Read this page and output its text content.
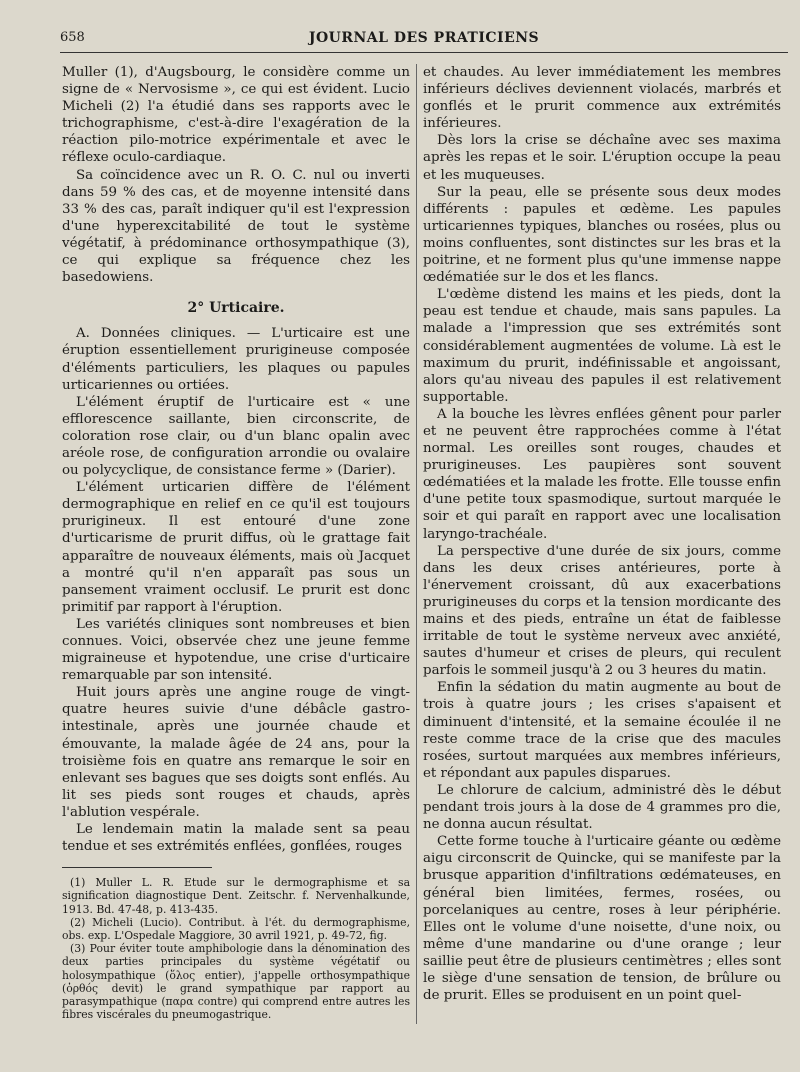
658	JOURNAL DES PRATICIENS

Muller (1), d'Augsbourg, le considère comme un signe de « Nervosisme », ce qui est évident. Lucio Micheli (2) l'a étudié dans ses rapports avec le trichographisme, c'est-à-dire l'exagération de la réaction pilo-motrice expérimentale et avec le réflexe oculo-cardiaque.

Sa coïncidence avec un R. O. C. nul ou inverti dans 59 % des cas, et de moyenne intensité dans 33 % des cas, paraît indiquer qu'il est l'expression d'une hyperexcitabilité de tout le système végétatif, à prédominance orthosympathique (3), ce qui explique sa fréquence chez les basedowiens.

2° Urticaire.

A. Données cliniques. — L'urticaire est une éruption essentiellement prurigineuse composée d'éléments particuliers, les plaques ou papules urticariennes ou ortiées.

L'élément éruptif de l'urticaire est « une efflorescence saillante, bien circonscrite, de coloration rose clair, ou d'un blanc opalin avec aréole rose, de configuration arrondie ou ovalaire ou polycyclique, de consistance ferme » (Darier).

L'élément urticarien diffère de l'élément dermographique en relief en ce qu'il est toujours prurigineux. Il est entouré d'une zone d'urticarisme de prurit diffus, où le grattage fait apparaître de nouveaux éléments, mais où Jacquet a montré qu'il n'en apparaît pas sous un pansement vraiment occlusif. Le prurit est donc primitif par rapport à l'éruption.

Les variétés cliniques sont nombreuses et bien connues. Voici, observée chez une jeune femme migraineuse et hypotendue, une crise d'urticaire remarquable par son intensité.

Huit jours après une angine rouge de vingt-quatre heures suivie d'une débâcle gastro-intestinale, après une journée chaude et émouvante, la malade âgée de 24 ans, pour la troisième fois en quatre ans remarque le soir en enlevant ses bagues que ses doigts sont enflés. Au lit ses pieds sont rouges et chauds, après l'ablution vespérale.

Le lendemain matin la malade sent sa peau tendue et ses extrémités enflées, gonflées, rouges

(1) Muller L. R. Etude sur le dermographisme et sa signification diagnostique Dent. Zeitschr. f. Nervenhalkunde, 1913. Bd. 47-48, p. 413-435.

(2) Micheli (Lucio). Contribut. à l'ét. du dermographisme, obs. exp. L'Ospedale Maggiore, 30 avril 1921, p. 49-72, fig.

(3) Pour éviter toute amphibologie dans la dénomination des deux parties principales du système végétatif ou holosympathique (ὅλος entier), j'appelle orthosympathique (ὀρθός devit) le grand sympathique par rapport au parasympathique (παρα contre) qui comprend entre autres les fibres viscérales du pneumogastrique.

et chaudes. Au lever immédiatement les membres inférieurs déclives deviennent violacés, marbrés et gonflés et le prurit commence aux extrémités inférieures.

Dès lors la crise se déchaîne avec ses maxima après les repas et le soir. L'éruption occupe la peau et les muqueuses.

Sur la peau, elle se présente sous deux modes différents : papules et œdème. Les papules urticariennes typiques, blanches ou rosées, plus ou moins confluentes, sont distinctes sur les bras et la poitrine, et ne forment plus qu'une immense nappe œdématiée sur le dos et les flancs.

L'œdème distend les mains et les pieds, dont la peau est tendue et chaude, mais sans papules. La malade a l'impression que ses extrémités sont considérablement augmentées de volume. Là est le maximum du prurit, indéfinissable et angoissant, alors qu'au niveau des papules il est relativement supportable.

A la bouche les lèvres enflées gênent pour parler et ne peuvent être rapprochées comme à l'état normal. Les oreilles sont rouges, chaudes et prurigineuses. Les paupières sont souvent œdématiées et la malade les frotte. Elle tousse enfin d'une petite toux spasmodique, surtout marquée le soir et qui paraît en rapport avec une localisation laryngo-trachéale.

La perspective d'une durée de six jours, comme dans les deux crises antérieures, porte à l'énervement croissant, dû aux exacerbations prurigineuses du corps et la tension mordicante des mains et des pieds, entraîne un état de faiblesse irritable de tout le système nerveux avec anxiété, sautes d'humeur et crises de pleurs, qui reculent parfois le sommeil jusqu'à 2 ou 3 heures du matin.

Enfin la sédation du matin augmente au bout de trois à quatre jours ; les crises s'apaisent et diminuent d'intensité, et la semaine écoulée il ne reste comme trace de la crise que des macules rosées, surtout marquées aux membres inférieurs, et répondant aux papules disparues.

Le chlorure de calcium, administré dès le début pendant trois jours à la dose de 4 grammes pro die, ne donna aucun résultat.

Cette forme touche à l'urticaire géante ou œdème aigu circonscrit de Quincke, qui se manifeste par la brusque apparition d'infiltrations œdémateuses, en général bien limitées, fermes, rosées, ou porcelaniques au centre, roses à leur périphérie. Elles ont le volume d'une noisette, d'une noix, ou même d'une mandarine ou d'une orange ; leur saillie peut être de plusieurs centimètres ; elles sont le siège d'une sensation de tension, de brûlure ou de prurit. Elles se produisent en un point quel-
